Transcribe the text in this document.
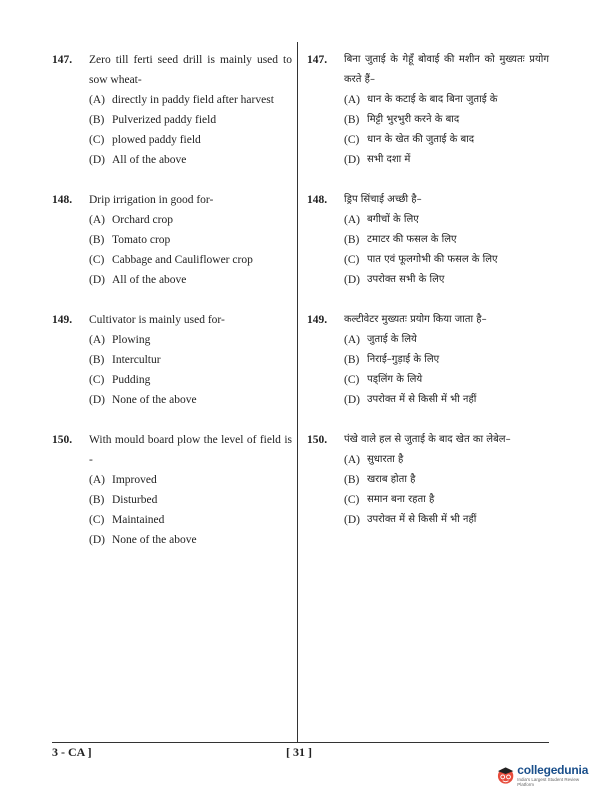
147.	Zero till ferti seed drill is mainly used to sow wheat-
(A) directly in paddy field after harvest
(B) Pulverized paddy field
(C) plowed paddy field
(D) All of the above
148.	Drip irrigation in good for-
(A) Orchard crop
(B) Tomato crop
(C) Cabbage and Cauliflower crop
(D) All of the above
149.	Cultivator is mainly used for-
(A) Plowing
(B) Intercultur
(C) Pudding
(D) None of the above
150.	With mould board plow the level of field is -
(A) Improved
(B) Disturbed
(C) Maintained
(D) None of the above
147.	बिना जुताई के गेहूँ बोवाई की मशीन को मुख्यतः प्रयोग करते हैं–
(A) धान के कटाई के बाद बिना जुताई के
(B) मिट्टी भुरभुरी करने के बाद
(C) धान के खेत की जुताई के बाद
(D) सभी दशा में
148.	ड्रिप सिंचाई अच्छी है–
(A) बगीचों के लिए
(B) टमाटर की फसल के लिए
(C) पात एवं फूलगोभी की फसल के लिए
(D) उपरोक्त सभी के लिए
149.	कल्टीवेटर मुख्यतः प्रयोग किया जाता है–
(A) जुताई के लिये
(B) निराई–गुड़ाई के लिए
(C) पड्लिंग के लिये
(D) उपरोक्त में से किसी में भी नहीं
150.	पंखे वाले हल से जुताई के बाद खेत का लेबेल–
(A) सुधारता है
(B) खराब होता है
(C) समान बना रहता है
(D) उपरोक्त में से किसी में भी नहीं
3 - CA ]	[ 31 ]
collegedunia
India's Largest Student Review Platform
